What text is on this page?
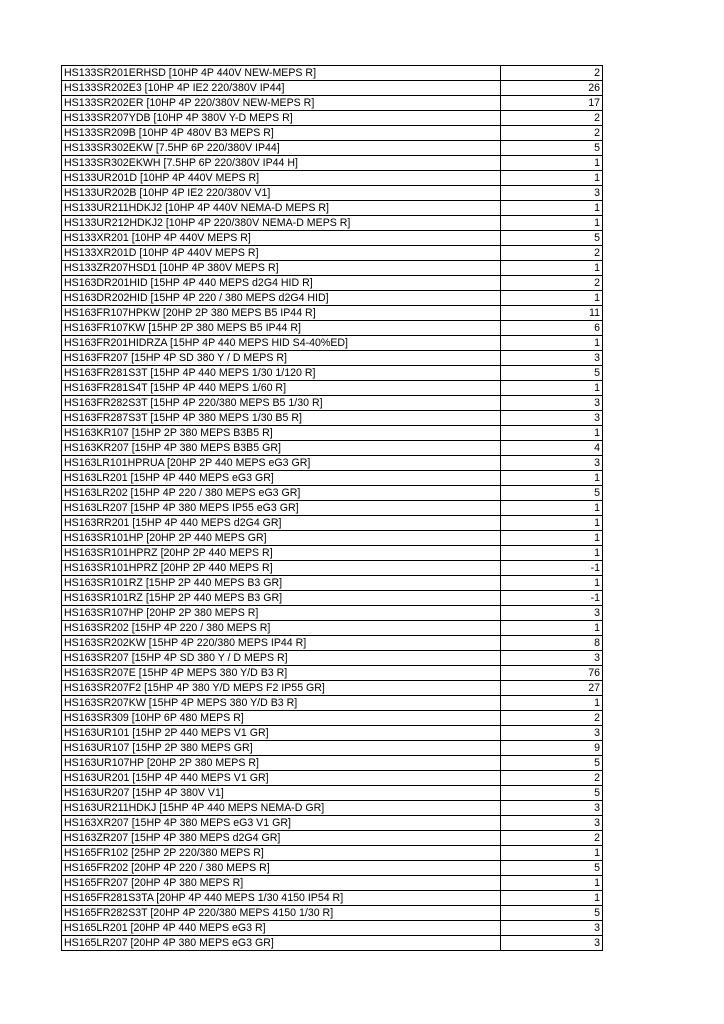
HS133SR201ERHSD [10HP 4P 440V NEW-MEPS R]	2
HS133SR202E3 [10HP 4P IE2 220/380V IP44]	26
HS133SR202ER [10HP 4P 220/380V NEW-MEPS R]	17
HS133SR207YDB [10HP 4P 380V Y-D MEPS R]	2
HS133SR209B [10HP 4P 480V B3 MEPS R]	2
HS133SR302EKW [7.5HP 6P 220/380V IP44]	5
HS133SR302EKWH [7.5HP 6P 220/380V IP44 H]	1
HS133UR201D [10HP 4P 440V MEPS R]	1
HS133UR202B [10HP 4P IE2 220/380V V1]	3
HS133UR211HDKJ2 [10HP 4P 440V NEMA-D MEPS R]	1
HS133UR212HDKJ2 [10HP 4P 220/380V NEMA-D MEPS R]	1
HS133XR201 [10HP 4P 440V MEPS R]	5
HS133XR201D [10HP 4P 440V MEPS R]	2
HS133ZR207HSD1 [10HP 4P 380V MEPS R]	1
HS163DR201HID [15HP 4P 440 MEPS d2G4 HID R]	2
HS163DR202HID [15HP 4P 220 / 380 MEPS d2G4 HID]	1
HS163FR107HPKW [20HP 2P 380 MEPS B5 IP44 R]	11
HS163FR107KW [15HP 2P 380 MEPS B5 IP44 R]	6
HS163FR201HIDRZA [15HP 4P 440 MEPS HID S4-40%ED]	1
HS163FR207 [15HP 4P SD 380 Y / D MEPS R]	3
HS163FR281S3T [15HP 4P 440 MEPS 1/30 1/120 R]	5
HS163FR281S4T [15HP 4P 440 MEPS 1/60 R]	1
HS163FR282S3T [15HP 4P 220/380 MEPS B5 1/30 R]	3
HS163FR287S3T [15HP 4P 380 MEPS 1/30 B5 R]	3
HS163KR107 [15HP 2P 380 MEPS B3B5 R]	1
HS163KR207 [15HP 4P 380 MEPS B3B5 GR]	4
HS163LR101HPRUA [20HP 2P 440 MEPS eG3 GR]	3
HS163LR201 [15HP 4P 440 MEPS eG3 GR]	1
HS163LR202 [15HP 4P 220 / 380 MEPS eG3 GR]	5
HS163LR207 [15HP 4P 380 MEPS IP55 eG3 GR]	1
HS163RR201 [15HP 4P 440 MEPS d2G4 GR]	1
HS163SR101HP [20HP 2P 440 MEPS GR]	1
HS163SR101HPRZ [20HP 2P 440 MEPS R]	1
HS163SR101HPRZ [20HP 2P 440 MEPS R]	-1
HS163SR101RZ [15HP 2P 440 MEPS B3 GR]	1
HS163SR101RZ [15HP 2P 440 MEPS B3 GR]	-1
HS163SR107HP [20HP 2P 380 MEPS R]	3
HS163SR202 [15HP 4P 220 / 380 MEPS R]	1
HS163SR202KW [15HP 4P 220/380 MEPS IP44 R]	8
HS163SR207 [15HP 4P SD 380 Y / D MEPS R]	3
HS163SR207E [15HP 4P MEPS 380 Y/D B3 R]	76
HS163SR207F2 [15HP 4P 380 Y/D MEPS F2 IP55 GR]	27
HS163SR207KW [15HP 4P MEPS 380 Y/D B3 R]	1
HS163SR309 [10HP 6P 480 MEPS R]	2
HS163UR101 [15HP 2P 440 MEPS V1 GR]	3
HS163UR107 [15HP 2P 380 MEPS GR]	9
HS163UR107HP [20HP 2P 380 MEPS R]	5
HS163UR201 [15HP 4P 440 MEPS V1 GR]	2
HS163UR207 [15HP 4P 380V V1]	5
HS163UR211HDKJ [15HP 4P 440 MEPS NEMA-D GR]	3
HS163XR207 [15HP 4P 380 MEPS eG3 V1 GR]	3
HS163ZR207 [15HP 4P 380 MEPS d2G4 GR]	2
HS165FR102 [25HP 2P 220/380 MEPS R]	1
HS165FR202 [20HP 4P 220 / 380 MEPS R]	5
HS165FR207 [20HP 4P 380 MEPS R]	1
HS165FR281S3TA [20HP 4P 440 MEPS 1/30 4150 IP54 R]	1
HS165FR282S3T [20HP 4P 220/380 MEPS 4150 1/30 R]	5
HS165LR201 [20HP 4P 440 MEPS eG3 R]	3
HS165LR207 [20HP 4P 380 MEPS eG3 GR]	3
